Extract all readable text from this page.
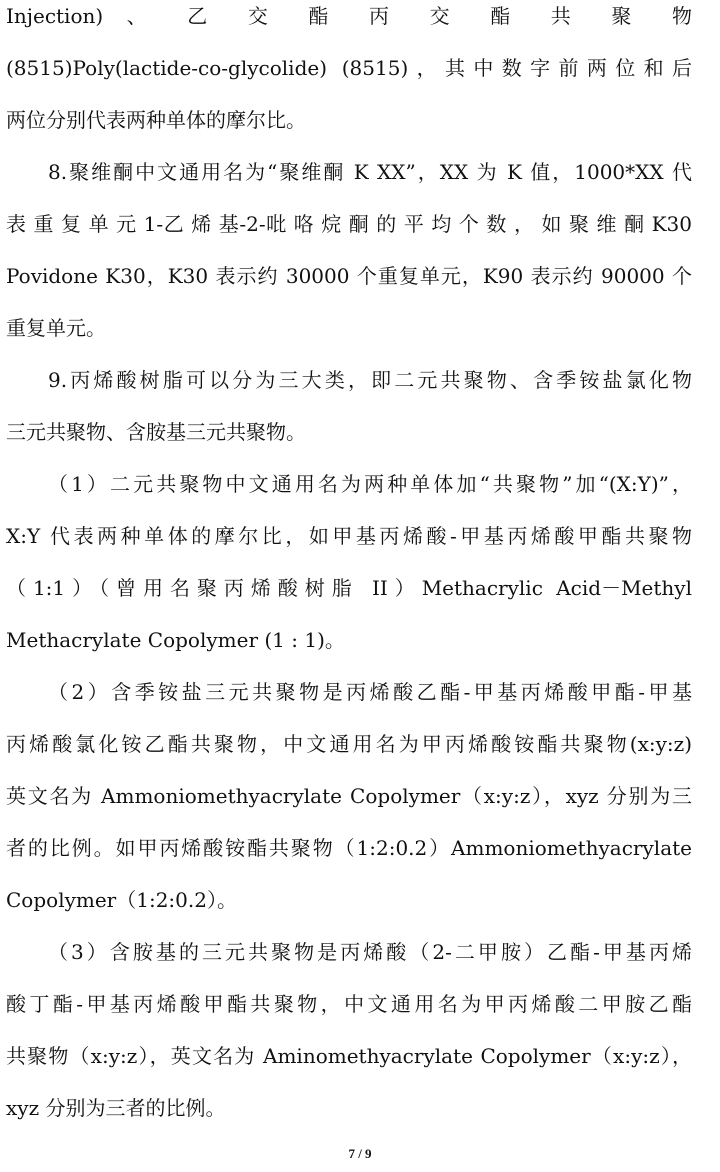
Injection) 、 乙 交 酯 丙 交 酯 共 聚 物
(8515)Poly(lactide-co-glycolide) (8515)，其中数字前两位和后
两位分别代表两种单体的摩尔比。
8.聚维酮中文通用名为“聚维酮 K XX”，XX 为 K 值，1000*XX 代
表 重 复 单 元 1-乙 烯 基-2-吡 咯 烷 酮 的 平 均 个 数 ， 如 聚 维 酮 K30
Povidone K30，K30 表示约 30000 个重复单元，K90 表示约 90000 个
重复单元。
9.丙烯酸树脂可以分为三大类，即二元共聚物、含季铵盐氯化物
三元共聚物、含胺基三元共聚物。
（1）二元共聚物中文通用名为两种单体加“共聚物”加“(X:Y)”，
X:Y 代表两种单体的摩尔比，如甲基丙烯酸-甲基丙烯酸甲酯共聚物
（1:1）（曾用名聚丙烯酸树脂 II）Methacrylic Acid－Methyl
Methacrylate Copolymer (1 : 1)。
（2）含季铵盐三元共聚物是丙烯酸乙酯-甲基丙烯酸甲酯-甲基
丙烯酸氯化铵乙酯共聚物，中文通用名为甲丙烯酸铵酯共聚物(x:y:z)
英文名为 Ammoniomethyacrylate Copolymer（x:y:z），xyz 分别为三
者的比例。如甲丙烯酸铵酯共聚物（1:2:0.2）Ammoniomethyacrylate
Copolymer（1:2:0.2）。
（3）含胺基的三元共聚物是丙烯酸（2-二甲胺）乙酯-甲基丙烯
酸丁酯-甲基丙烯酸甲酯共聚物，中文通用名为甲丙烯酸二甲胺乙酯
共聚物（x:y:z），英文名为 Aminomethyacrylate Copolymer（x:y:z），
xyz 分别为三者的比例。
7 / 9
